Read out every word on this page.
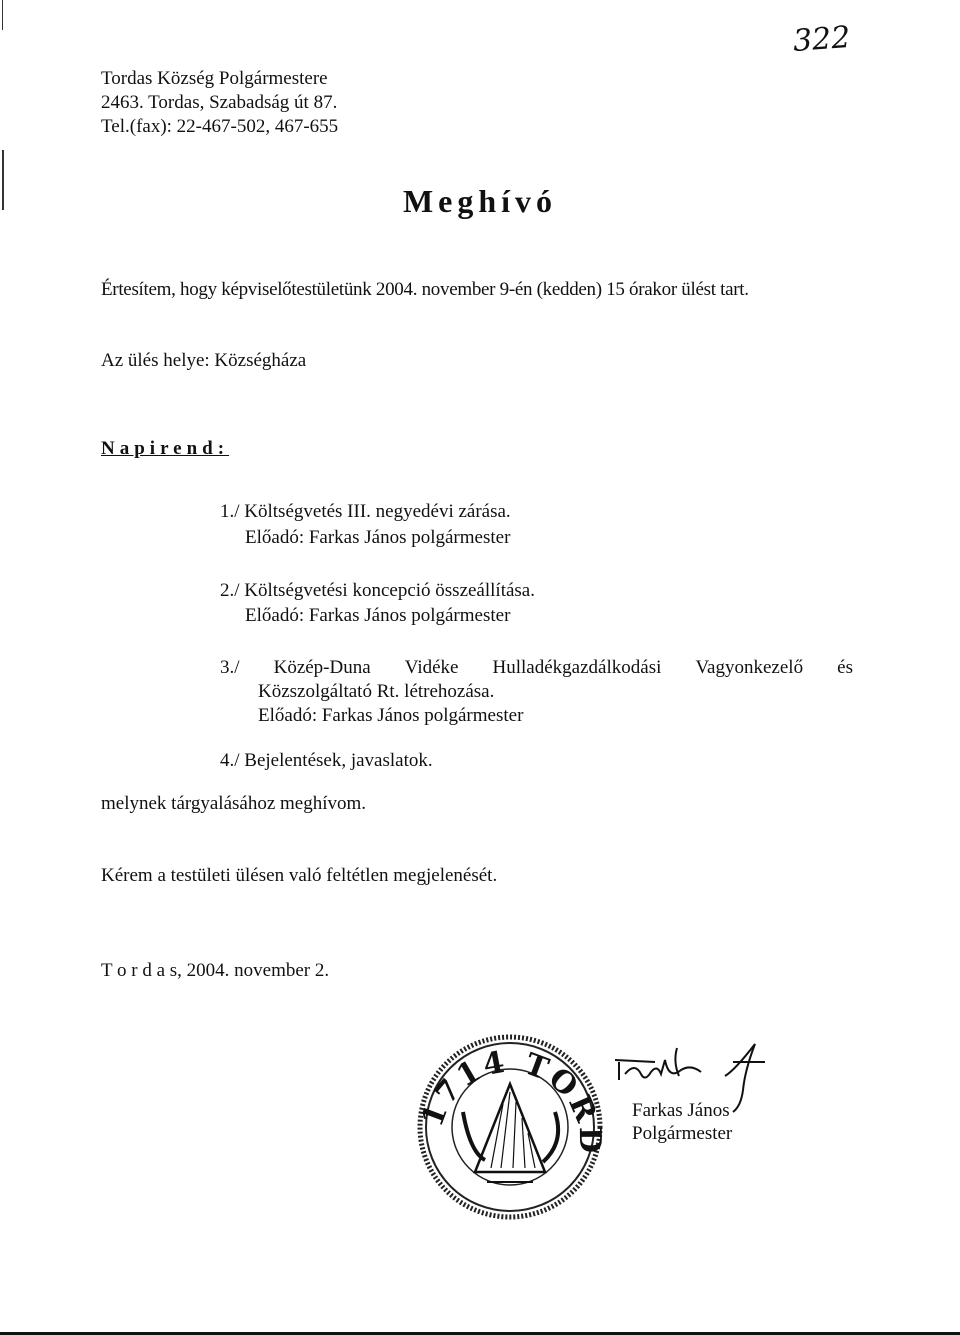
322
Tordas Község Polgármestere
2463. Tordas, Szabadság út 87.
Tel.(fax): 22-467-502, 467-655
Meghívó
Értesítem, hogy képviselőtestületünk 2004. november 9-én (kedden) 15 órakor ülést tart.
Az ülés helye: Községháza
Napirend:
1./ Költségvetés III. negyedévi zárása.
Előadó: Farkas János polgármester
2./ Költségvetési koncepció összeállítása.
Előadó: Farkas János polgármester
3./ Közép-Duna Vidéke Hulladékgazdálkodási Vagyonkezelő és
Közszolgáltató Rt. létrehozása.
Előadó: Farkas János polgármester
4./ Bejelentések, javaslatok.
melynek tárgyalásához meghívom.
Kérem a testületi ülésen való feltétlen megjelenését.
T o r d a s, 2004. november 2.
1714 TORD
Farkas János
Polgármester
